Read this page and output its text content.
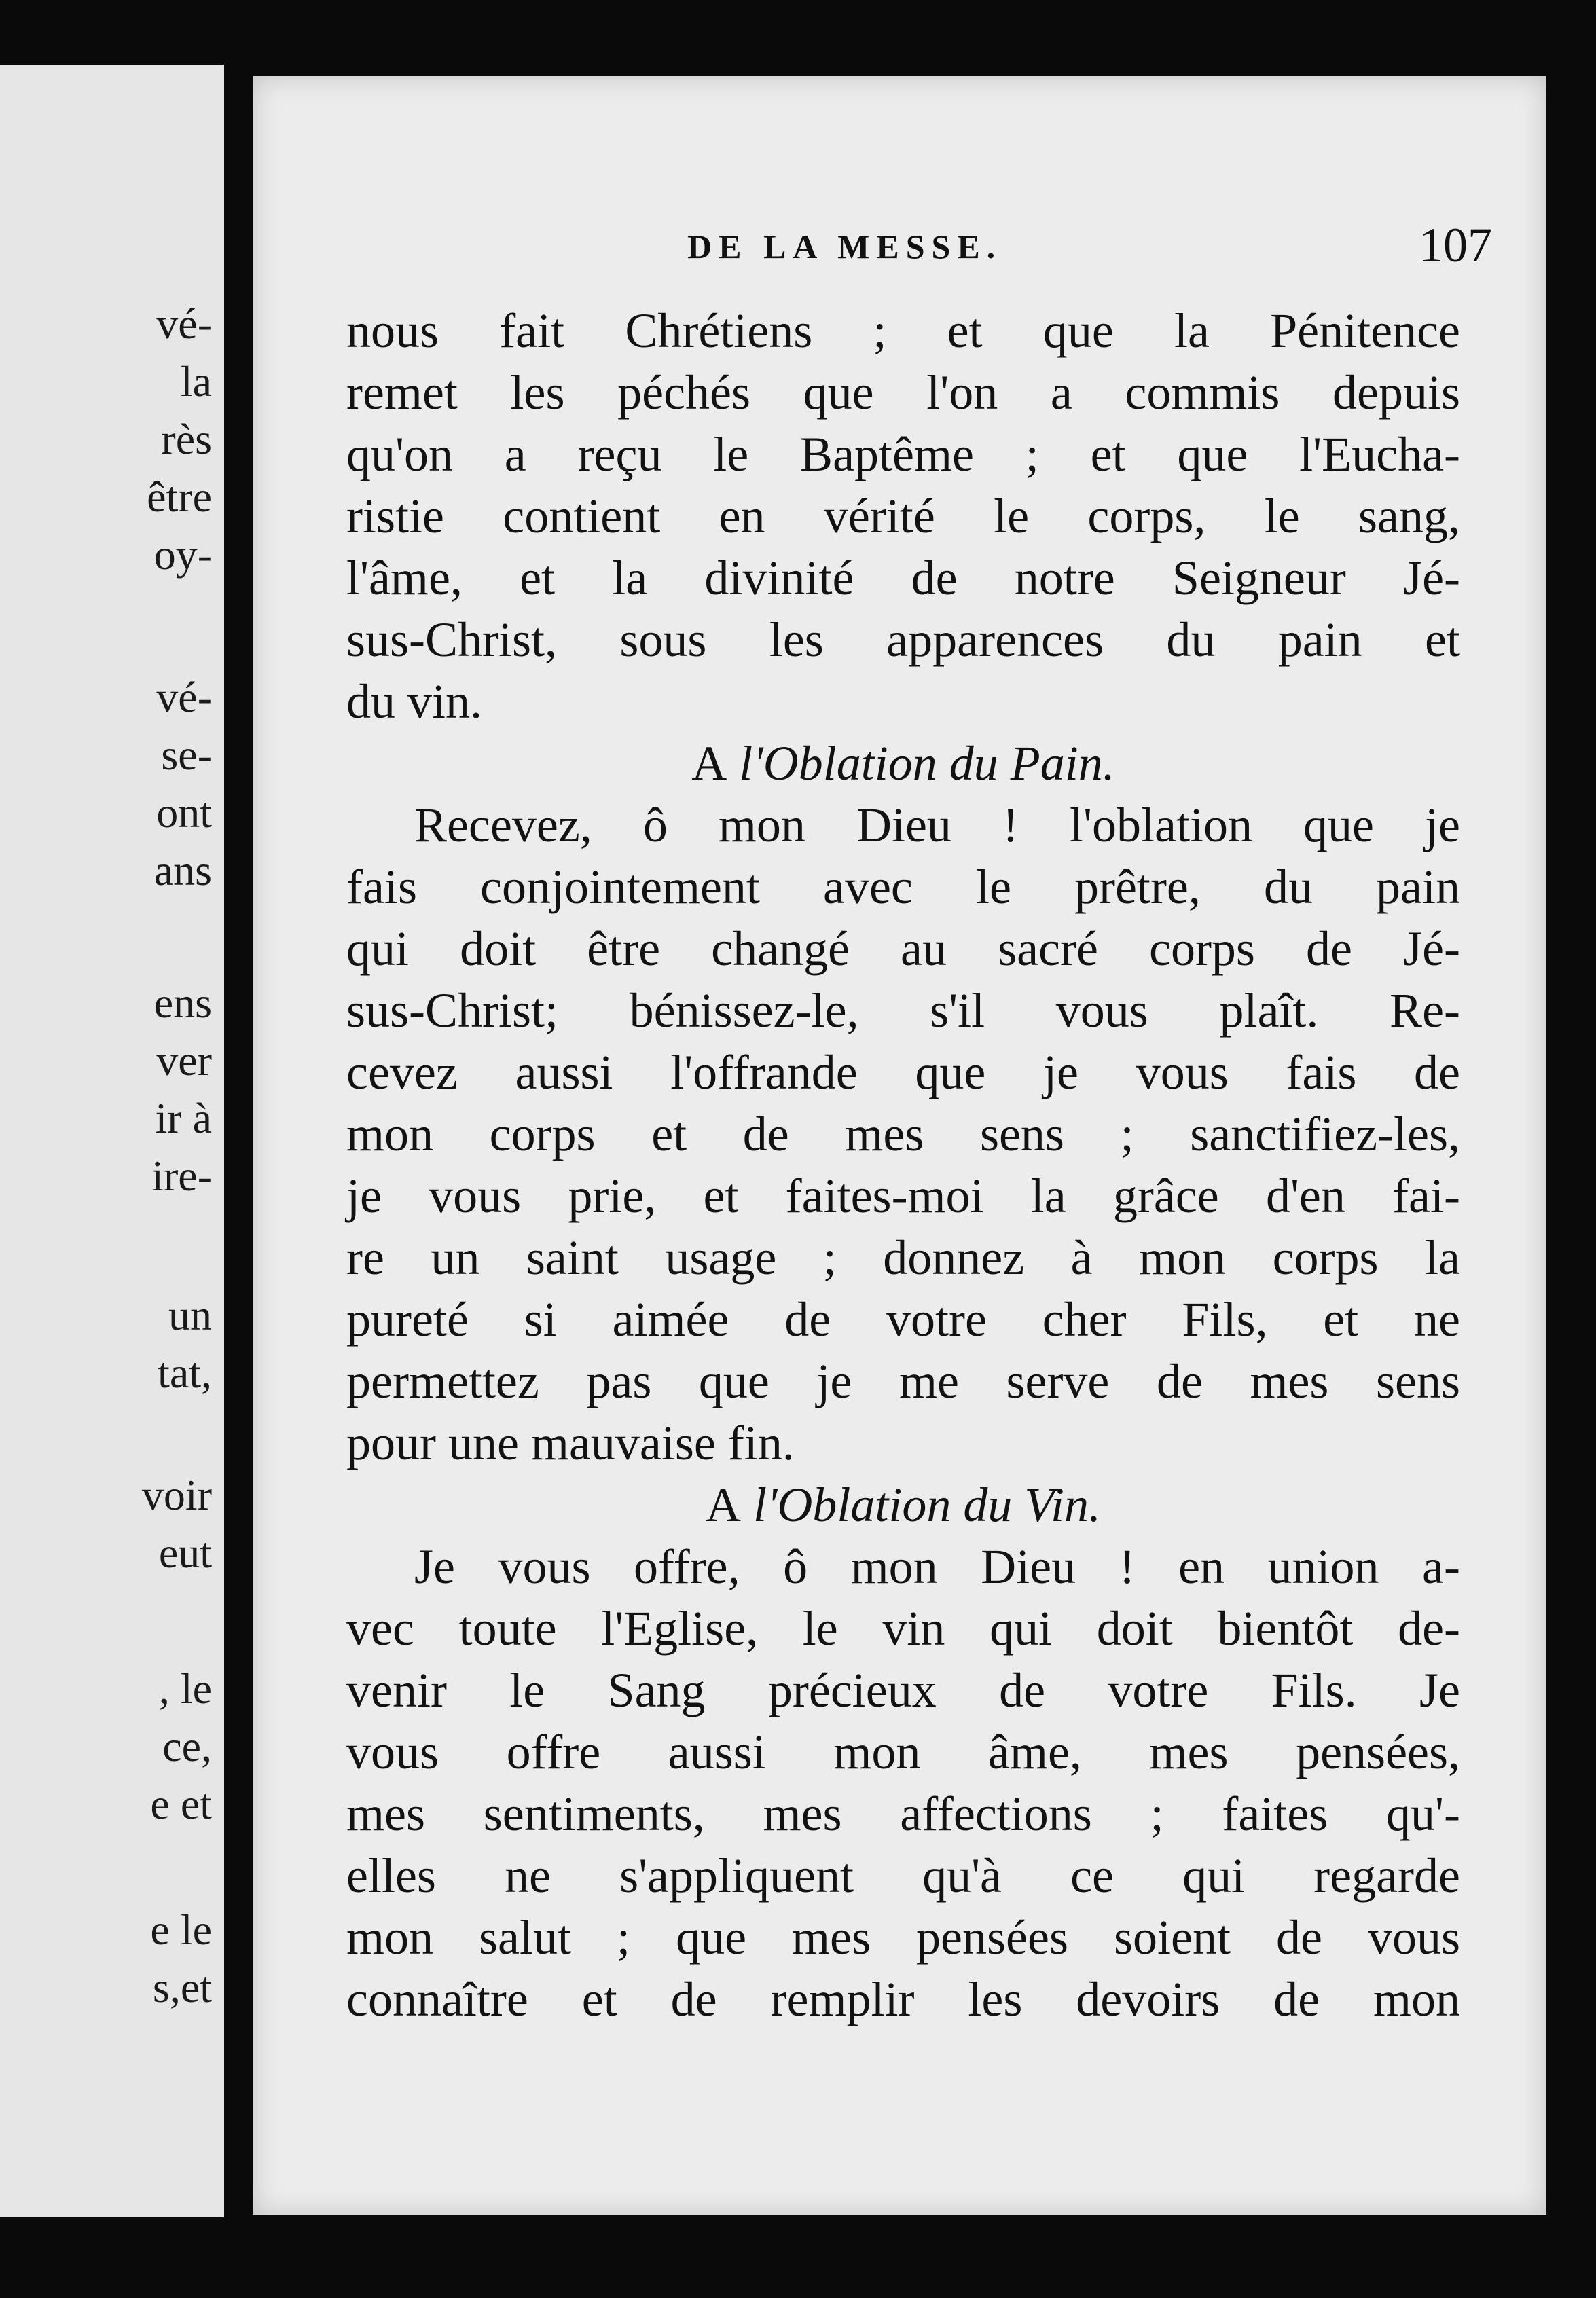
vé-
la
rès
être
oy-
vé-
se-
ont
ans
ens
ver
ir à
ire-
un
tat,
voir
eut
, le
ce,
e et
e le
s,et
DE LA MESSE.	107
nous fait Chrétiens ; et que la Pénitence
remet les péchés que l'on a commis depuis
qu'on a reçu le Baptême ; et que l'Eucha-
ristie contient en vérité le corps, le sang,
l'âme, et la divinité de notre Seigneur Jé-
sus-Christ, sous les apparences du pain et
du vin.
A l'Oblation du Pain.
Recevez, ô mon Dieu ! l'oblation que je
fais conjointement avec le prêtre, du pain
qui doit être changé au sacré corps de Jé-
sus-Christ; bénissez-le, s'il vous plaît. Re-
cevez aussi l'offrande que je vous fais de
mon corps et de mes sens ; sanctifiez-les,
je vous prie, et faites-moi la grâce d'en fai-
re un saint usage ; donnez à mon corps la
pureté si aimée de votre cher Fils, et ne
permettez pas que je me serve de mes sens
pour une mauvaise fin.
A l'Oblation du Vin.
Je vous offre, ô mon Dieu ! en union a-
vec toute l'Eglise, le vin qui doit bientôt de-
venir le Sang précieux de votre Fils. Je
vous offre aussi mon âme, mes pensées,
mes sentiments, mes affections ; faites qu'-
elles ne s'appliquent qu'à ce qui regarde
mon salut ; que mes pensées soient de vous
connaître et de remplir les devoirs de mon
